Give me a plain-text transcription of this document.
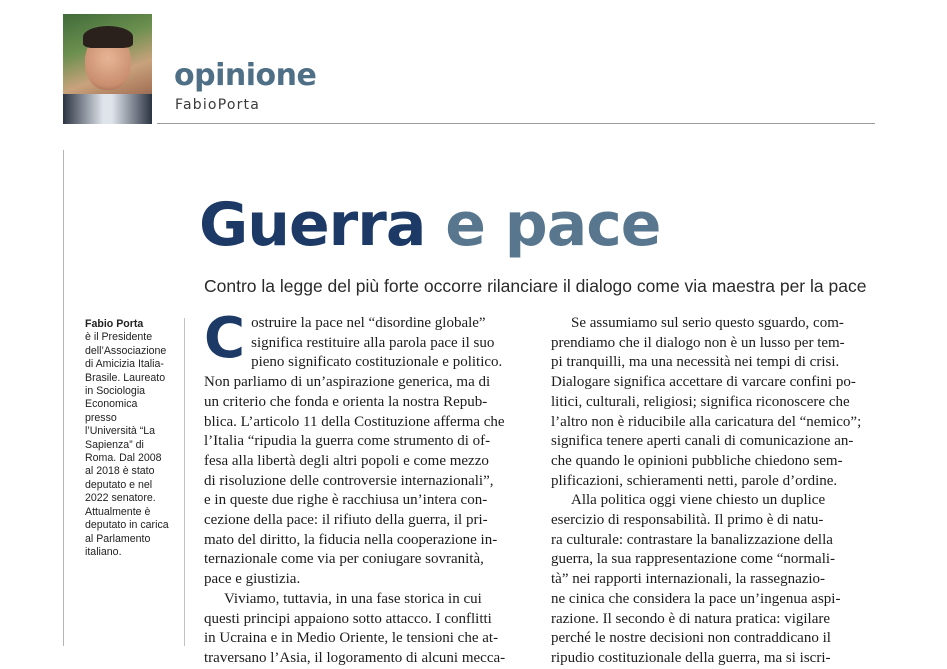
opinione
FabioPorta
Guerra e pace
Contro la legge del più forte occorre rilanciare il dialogo come via maestra per la pace
Fabio Porta
è il Presidente
dell’Associazione
di Amicizia Italia-
Brasile. Laureato
in Sociologia
Economica
presso
l’Università “La
Sapienza” di
Roma. Dal 2008
al 2018 è stato
deputato e nel
2022 senatore.
Attualmente è
deputato in carica
al Parlamento
italiano.
C ostruire la pace nel “disordine globale”
significa restituire alla parola pace il suo
pieno significato costituzionale e politico.
Non parliamo di un’aspirazione generica, ma di
un criterio che fonda e orienta la nostra Repub-
blica. L’articolo 11 della Costituzione afferma che
l’Italia “ripudia la guerra come strumento di of-
fesa alla libertà degli altri popoli e come mezzo
di risoluzione delle controversie internazionali”,
e in queste due righe è racchiusa un’intera con-
cezione della pace: il rifiuto della guerra, il pri-
mato del diritto, la fiducia nella cooperazione in-
ternazionale come via per coniugare sovranità,
pace e giustizia.
Viviamo, tuttavia, in una fase storica in cui
questi principi appaiono sotto attacco. I conflitti
in Ucraina e in Medio Oriente, le tensioni che at-
traversano l’Asia, il logoramento di alcuni mecca-
Se assumiamo sul serio questo sguardo, com-
prendiamo che il dialogo non è un lusso per tem-
pi tranquilli, ma una necessità nei tempi di crisi.
Dialogare significa accettare di varcare confini po-
litici, culturali, religiosi; significa riconoscere che
l’altro non è riducibile alla caricatura del “nemico”;
significa tenere aperti canali di comunicazione an-
che quando le opinioni pubbliche chiedono sem-
plificazioni, schieramenti netti, parole d’ordine.
Alla politica oggi viene chiesto un duplice
esercizio di responsabilità. Il primo è di natu-
ra culturale: contrastare la banalizzazione della
guerra, la sua rappresentazione come “normali-
tà” nei rapporti internazionali, la rassegnazio-
ne cinica che considera la pace un’ingenua aspi-
razione. Il secondo è di natura pratica: vigilare
perché le nostre decisioni non contraddicano il
ripudio costituzionale della guerra, ma si iscri-
